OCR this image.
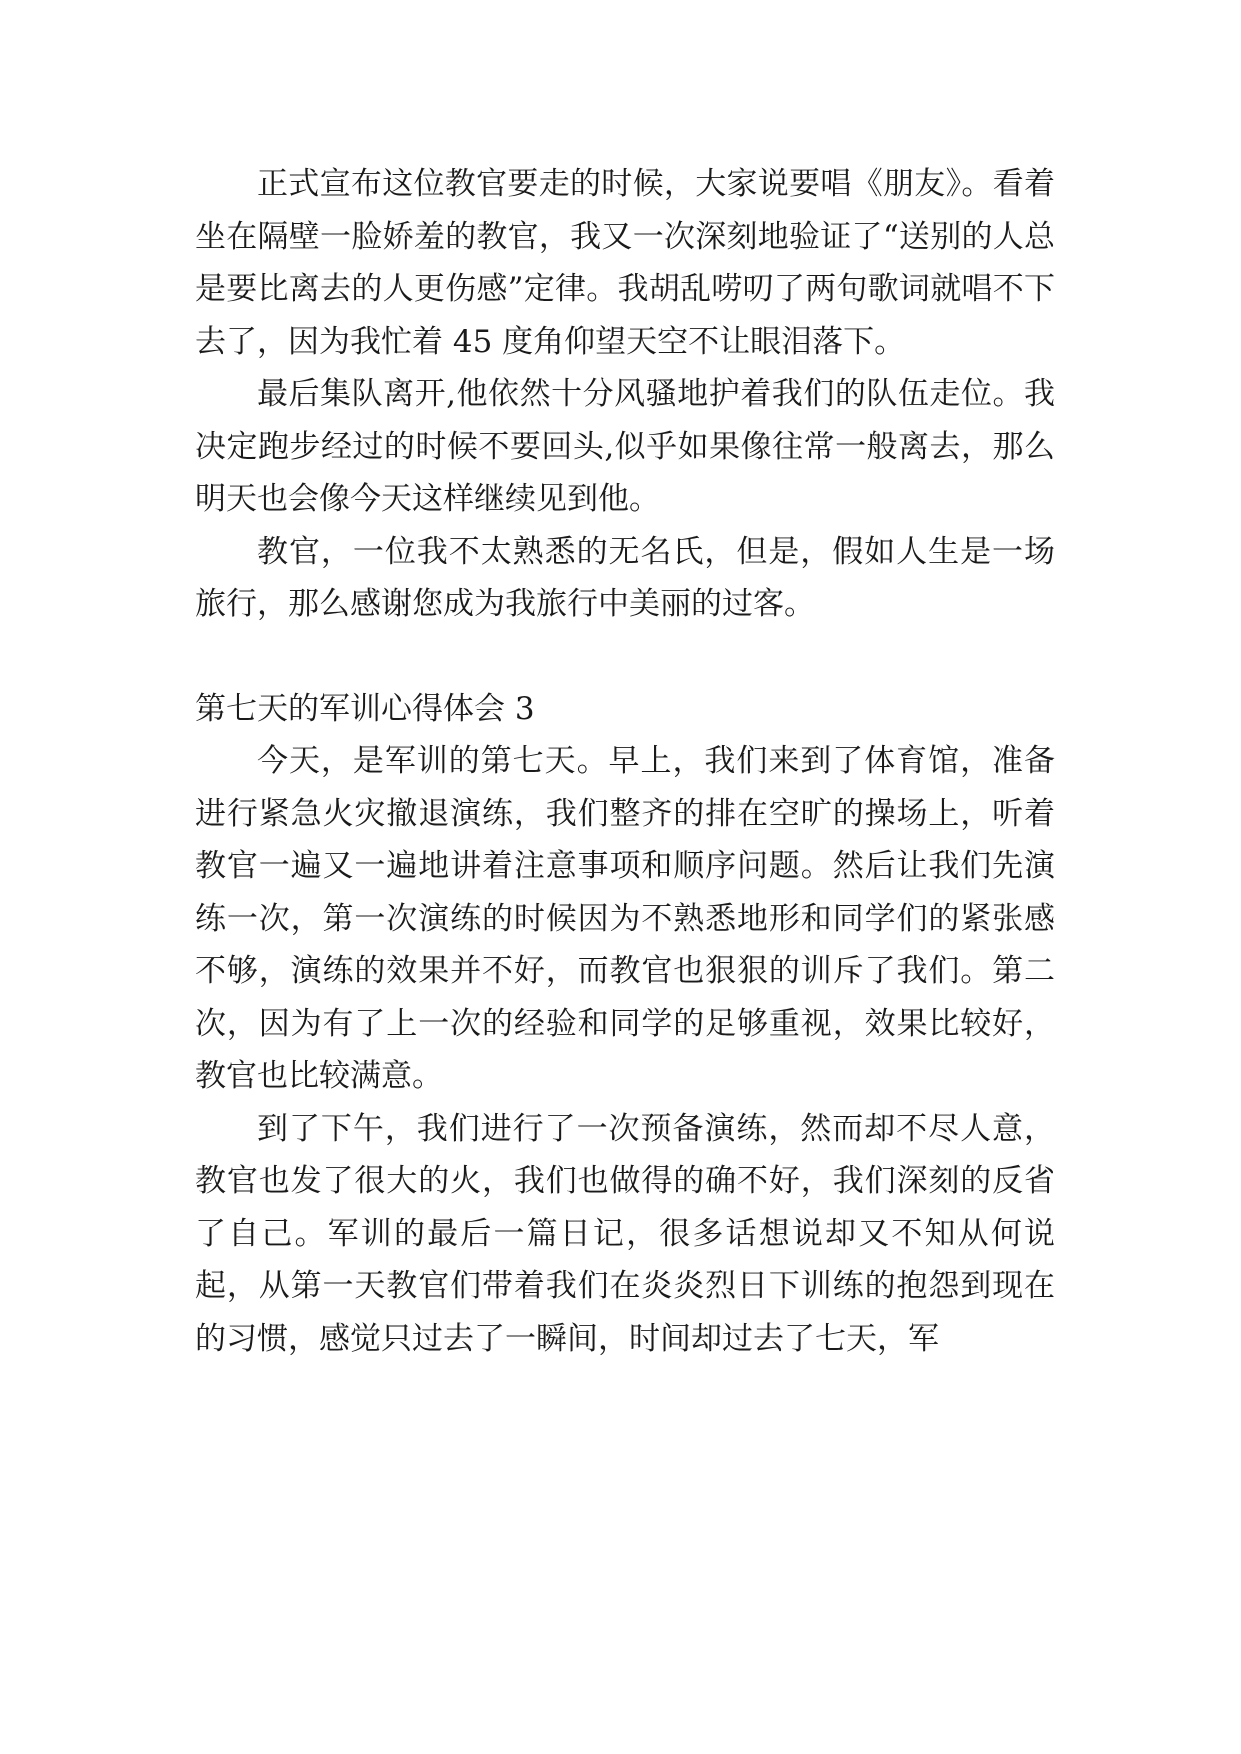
正式宣布这位教官要走的时候，大家说要唱《朋友》。看着坐在隔壁一脸娇羞的教官，我又一次深刻地验证了“送别的人总是要比离去的人更伤感”定律。我胡乱唠叨了两句歌词就唱不下去了，因为我忙着 45 度角仰望天空不让眼泪落下。

最后集队离开,他依然十分风骚地护着我们的队伍走位。我决定跑步经过的时候不要回头,似乎如果像往常一般离去，那么明天也会像今天这样继续见到他。

教官，一位我不太熟悉的无名氏，但是，假如人生是一场旅行，那么感谢您成为我旅行中美丽的过客。

第七天的军训心得体会 3

今天，是军训的第七天。早上，我们来到了体育馆，准备进行紧急火灾撤退演练，我们整齐的排在空旷的操场上，听着教官一遍又一遍地讲着注意事项和顺序问题。然后让我们先演练一次，第一次演练的时候因为不熟悉地形和同学们的紧张感不够，演练的效果并不好，而教官也狠狠的训斥了我们。第二次，因为有了上一次的经验和同学的足够重视，效果比较好，教官也比较满意。

到了下午，我们进行了一次预备演练，然而却不尽人意，教官也发了很大的火，我们也做得的确不好，我们深刻的反省了自己。军训的最后一篇日记，很多话想说却又不知从何说起，从第一天教官们带着我们在炎炎烈日下训练的抱怨到现在的习惯，感觉只过去了一瞬间，时间却过去了七天，军
